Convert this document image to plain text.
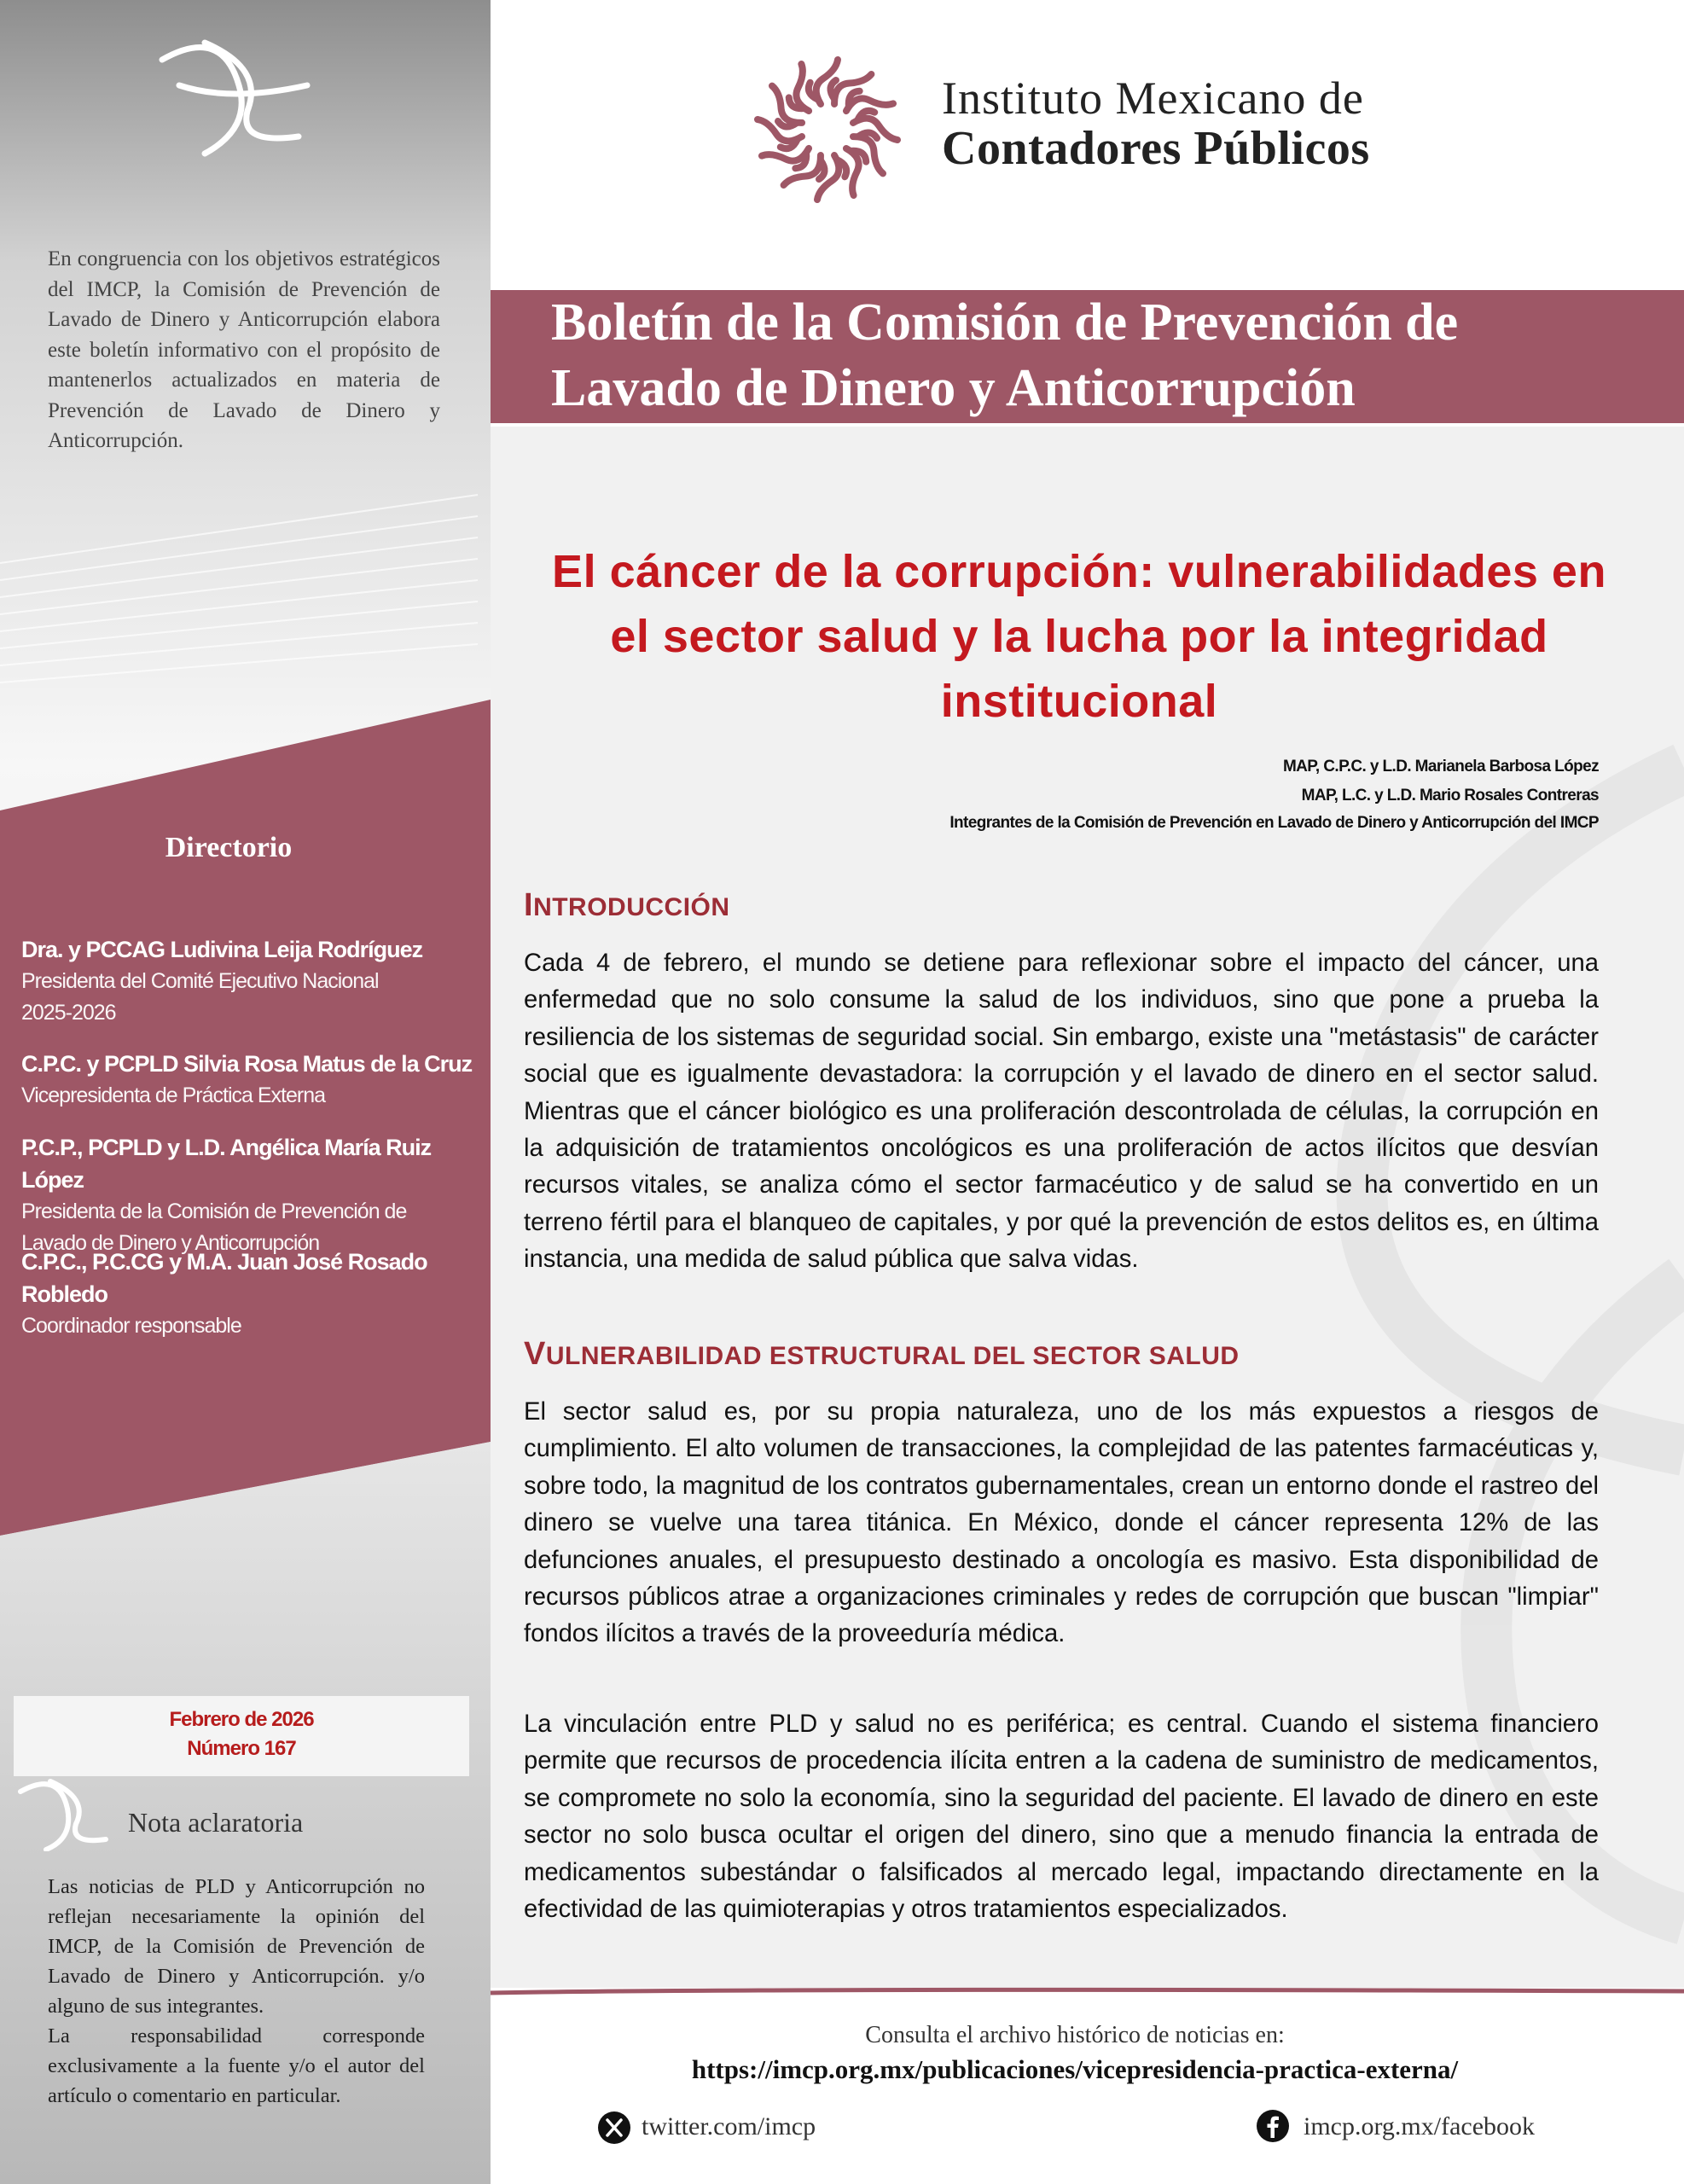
Instituto Mexicano de
Contadores Públicos
Boletín de la Comisión de Prevención de Lavado de Dinero y Anticorrupción
En congruencia con los objetivos estratégicos del IMCP, la Comisión de Prevención de Lavado de Dinero y Anticorrupción elabora este boletín informativo con el propósito de mantenerlos actualizados en materia de Prevención de Lavado de Dinero y Anticorrupción.
Directorio
Dra. y PCCAG Ludivina Leija Rodríguez
Presidenta del Comité Ejecutivo Nacional
2025-2026
C.P.C. y PCPLD Silvia Rosa Matus de la Cruz
Vicepresidenta de Práctica Externa
P.C.P., PCPLD y L.D. Angélica María Ruiz López
Presidenta de la Comisión de Prevención de
Lavado de Dinero y Anticorrupción
C.P.C., P.C.CG y M.A. Juan José Rosado Robledo
Coordinador responsable
Febrero de 2026
Número 167
Nota aclaratoria
Las noticias de PLD y Anticorrupción no reflejan necesariamente la opinión del IMCP, de la Comisión de Prevención de Lavado de Dinero y Anticorrupción. y/o alguno de sus integrantes.
La responsabilidad corresponde exclusivamente a la fuente y/o el autor del artículo o comentario en particular.
El cáncer de la corrupción: vulnerabilidades en el sector salud y la lucha por la integridad institucional
MAP, C.P.C. y L.D. Marianela Barbosa López
MAP, L.C. y L.D. Mario Rosales Contreras
Integrantes de la Comisión de Prevención en Lavado de Dinero y Anticorrupción del IMCP
INTRODUCCIÓN
Cada 4 de febrero, el mundo se detiene para reflexionar sobre el impacto del cáncer, una enfermedad que no solo consume la salud de los individuos, sino que pone a prueba la resiliencia de los sistemas de seguridad social. Sin embargo, existe una "metástasis" de carácter social que es igualmente devastadora: la corrupción y el lavado de dinero en el sector salud. Mientras que el cáncer biológico es una proliferación descontrolada de células, la corrupción en la adquisición de tratamientos oncológicos es una proliferación de actos ilícitos que desvían recursos vitales, se analiza cómo el sector farmacéutico y de salud se ha convertido en un terreno fértil para el blanqueo de capitales, y por qué la prevención de estos delitos es, en última instancia, una medida de salud pública que salva vidas.
VULNERABILIDAD ESTRUCTURAL DEL SECTOR SALUD
El sector salud es, por su propia naturaleza, uno de los más expuestos a riesgos de cumplimiento. El alto volumen de transacciones, la complejidad de las patentes farmacéuticas y, sobre todo, la magnitud de los contratos gubernamentales, crean un entorno donde el rastreo del dinero se vuelve una tarea titánica. En México, donde el cáncer representa 12% de las defunciones anuales, el presupuesto destinado a oncología es masivo. Esta disponibilidad de recursos públicos atrae a organizaciones criminales y redes de corrupción que buscan "limpiar" fondos ilícitos a través de la proveeduría médica.
La vinculación entre PLD y salud no es periférica; es central. Cuando el sistema financiero permite que recursos de procedencia ilícita entren a la cadena de suministro de medicamentos, se compromete no solo la economía, sino la seguridad del paciente. El lavado de dinero en este sector no solo busca ocultar el origen del dinero, sino que a menudo financia la entrada de medicamentos subestándar o falsificados al mercado legal, impactando directamente en la efectividad de las quimioterapias y otros tratamientos especializados.
Consulta el archivo histórico de noticias en:
https://imcp.org.mx/publicaciones/vicepresidencia-practica-externa/
twitter.com/imcp	imcp.org.mx/facebook
